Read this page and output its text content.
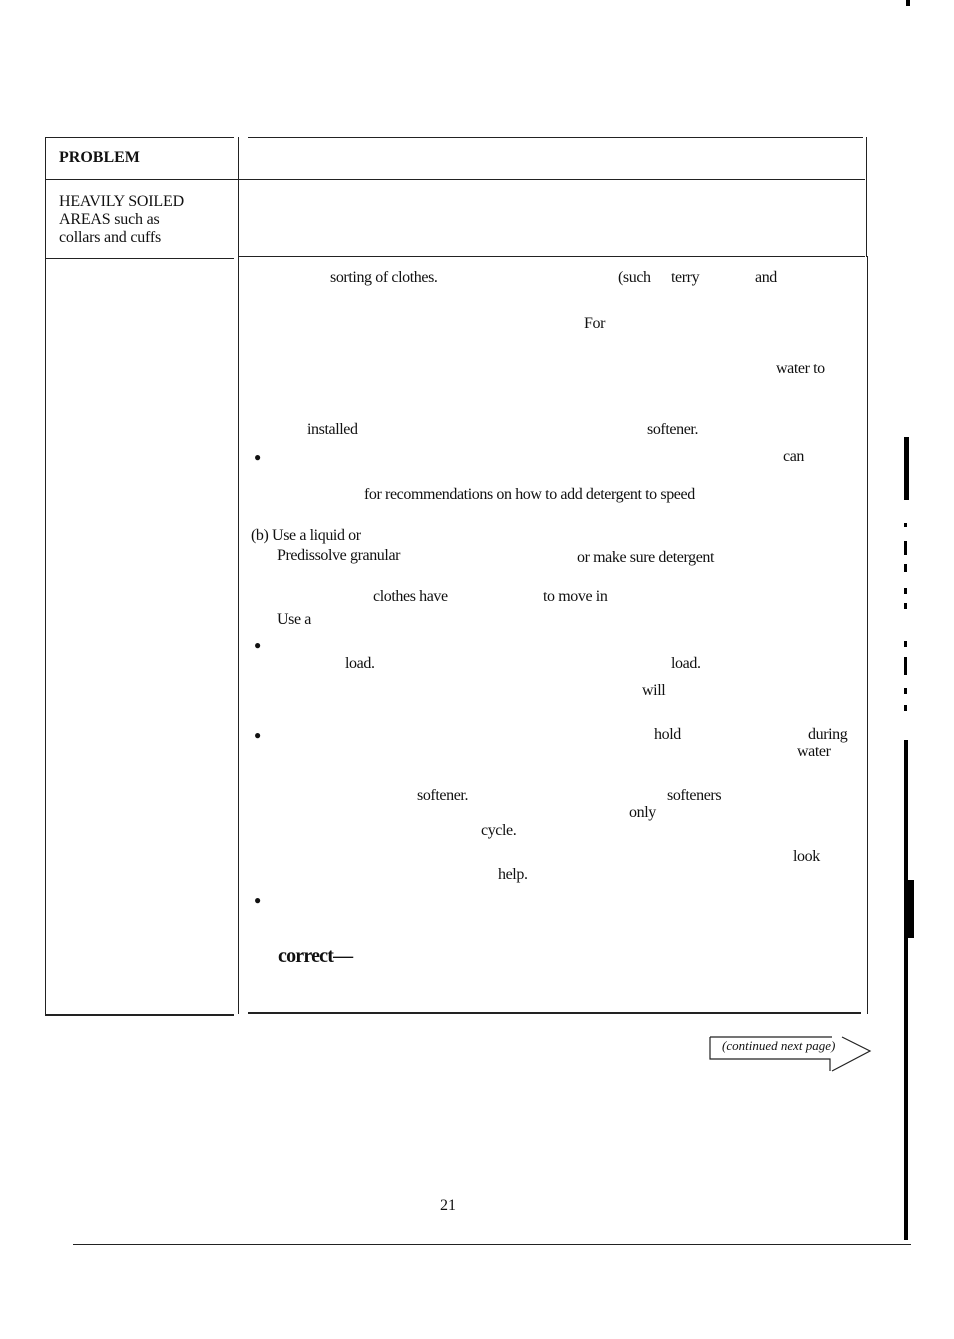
PROBLEM
HEAVILY SOILED
AREAS such as
collars and cuffs
sorting of clothes.	(such terry	and
For
water to
installed	softener.
●	can
for recommendations on how to add detergent to speed
(b) Use a liquid or
Predissolve granular	or make sure detergent
clothes have	to move in
Use a
●
load.	load.
will
●	hold	during
water
softener.	softeners
only
cycle.
look
help.
●
correct—
(continued next page)
21
